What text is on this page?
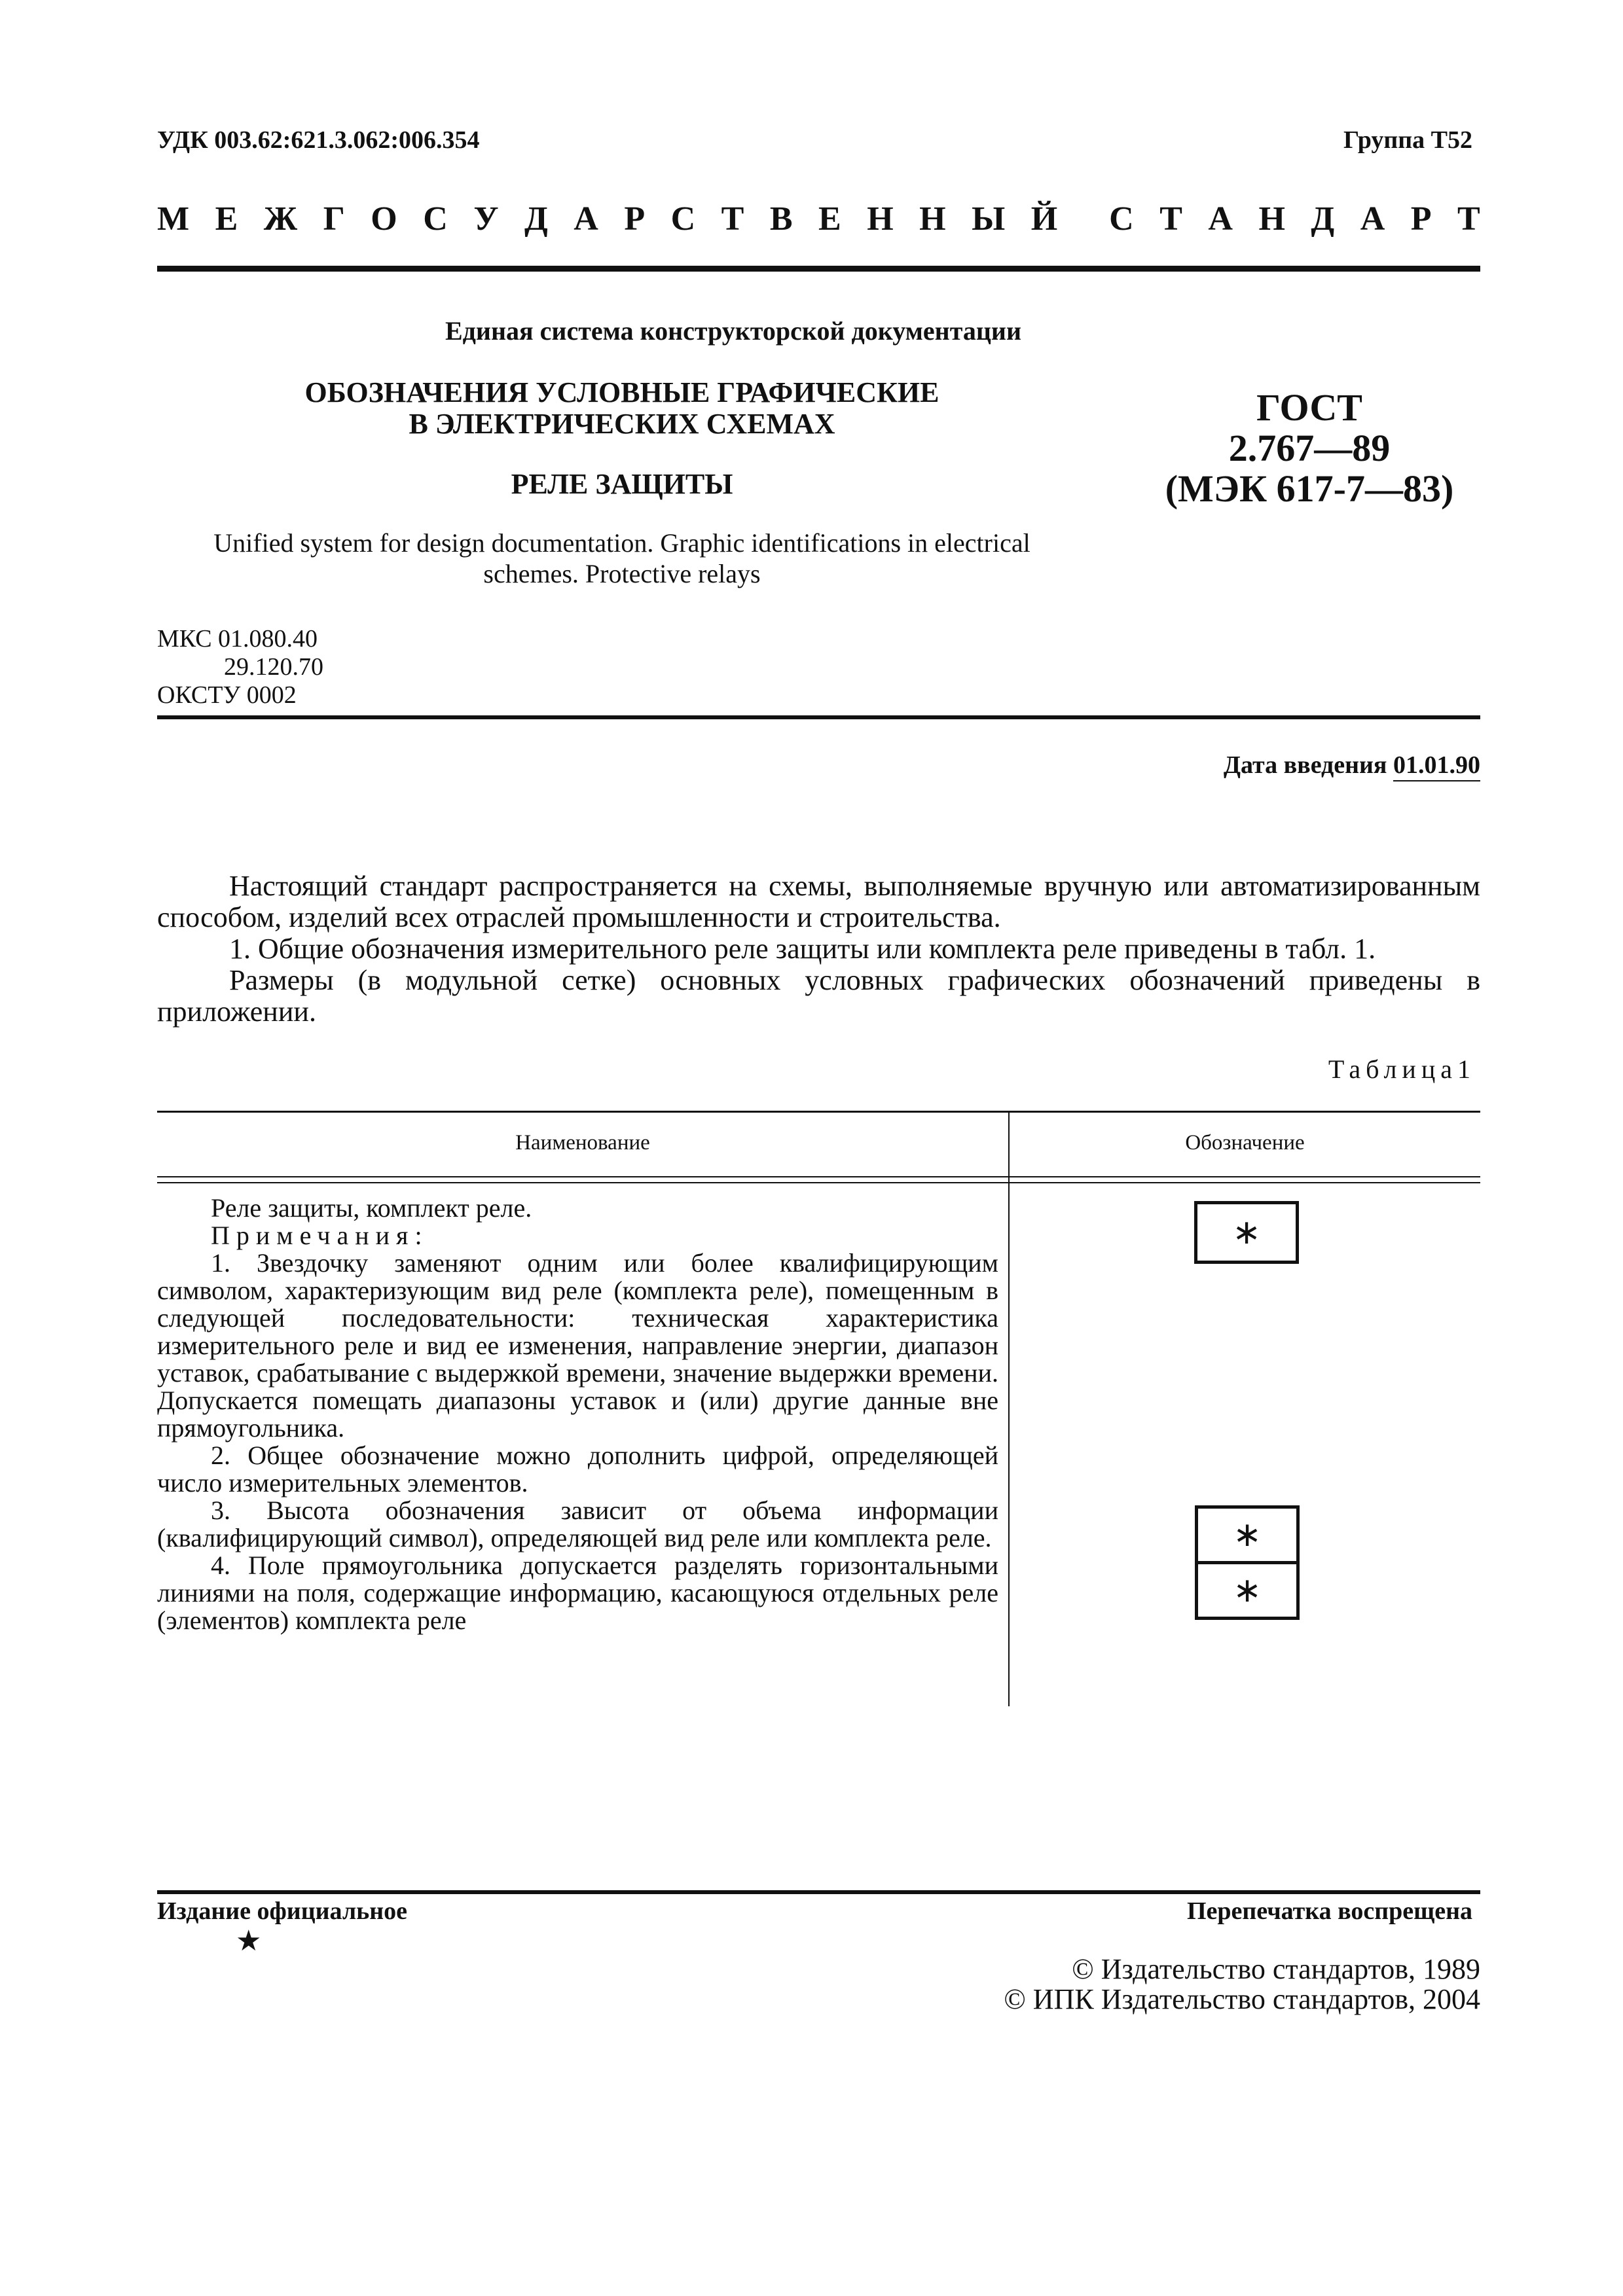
УДК 003.62:621.3.062:006.354	Группа Т52
М Е Ж Г О С У Д А Р С Т В Е Н Н Ы Й С Т А Н Д А Р Т
Единая система конструкторской документации
ОБОЗНАЧЕНИЯ УСЛОВНЫЕ ГРАФИЧЕСКИЕ
В ЭЛЕКТРИЧЕСКИХ СХЕМАХ
РЕЛЕ ЗАЩИТЫ
Unified system for design documentation. Graphic identifications in electrical
schemes. Protective relays
ГОСТ
2.767—89
(МЭК 617-7—83)
МКС 01.080.40
29.120.70
ОКСТУ 0002
Дата введения 01.01.90

Настоящий стандарт распространяется на схемы, выполняемые вручную или автоматизированным способом, изделий всех отраслей промышленности и строительства.

1. Общие обозначения измерительного реле защиты или комплекта реле приведены в табл. 1.

Размеры (в модульной сетке) основных условных графических обозначений приведены в приложении.

Таблица1
Наименование	Обозначение

Реле защиты, комплект реле.

Примечания:

1. Звездочку заменяют одним или более квалифицирующим символом, характеризующим вид реле (комплекта реле), помещенным в следующей последовательности: техническая характеристика измерительного реле и вид ее изменения, направление энергии, диапазон уставок, срабатывание с выдержкой времени, значение выдержки времени. Допускается помещать диапазоны уставок и (или) другие данные вне прямоугольника.

2. Общее обозначение можно дополнить цифрой, определяющей число измерительных элементов.

3. Высота обозначения зависит от объема информации (квалифицирующий символ), определяющей вид реле или комплекта реле.

4. Поле прямоугольника допускается разделять горизонтальными линиями на поля, содержащие информацию, касающуюся отдельных реле (элементов) комплекта реле

∗
∗
∗
Издание официальное
★
Перепечатка воспрещена
© Издательство стандартов, 1989
© ИПК Издательство стандартов, 2004
